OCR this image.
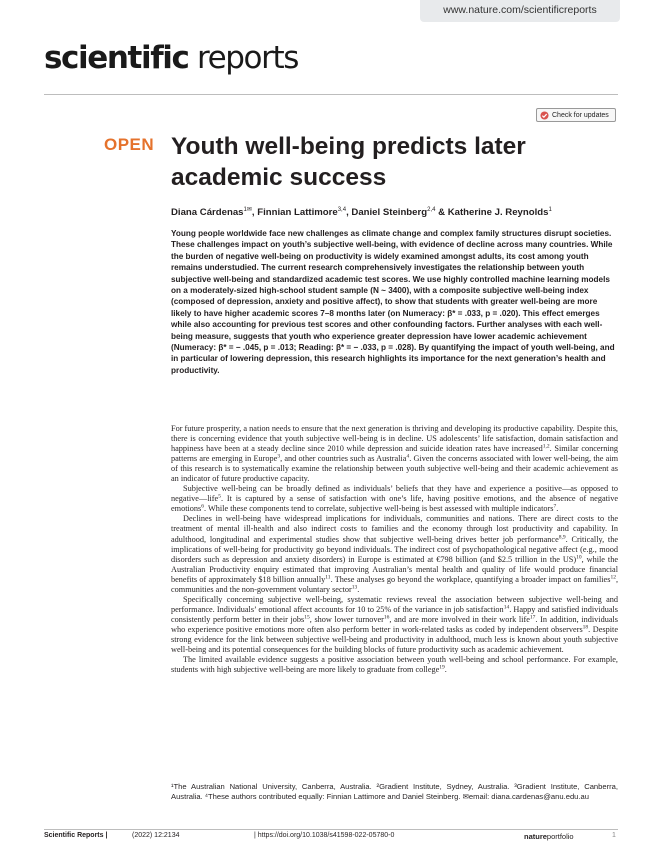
www.nature.com/scientificreports
scientific reports
Check for updates
OPEN Youth well-being predicts later academic success
Diana Cárdenas$^{1✉}$, Finnian Lattimore$^{3,4}$, Daniel Steinberg$^{2,4}$ & Katherine J. Reynolds$^1$

Young people worldwide face new challenges as climate change and complex family structures disrupt societies. These challenges impact on youth’s subjective well-being, with evidence of decline across many countries. While the burden of negative well-being on productivity is widely examined amongst adults, its cost among youth remains understudied. The current research comprehensively investigates the relationship between youth subjective well-being and standardized academic test scores. We use highly controlled machine learning models on a moderately-sized high-school student sample (N ~ 3400), with a composite subjective well-being index (composed of depression, anxiety and positive affect), to show that students with greater well-being are more likely to have higher academic scores 7–8 months later (on Numeracy: β* = .033, p = .020). This effect emerges while also accounting for previous test scores and other confounding factors. Further analyses with each well-being measure, suggests that youth who experience greater depression have lower academic achievement (Numeracy: β* = − .045, p = .013; Reading: β* = − .033, p = .028). By quantifying the impact of youth well-being, and in particular of lowering depression, this research highlights its importance for the next generation’s health and productivity.

For future prosperity, a nation needs to ensure that the next generation is thriving and developing its productive capability. Despite this, there is concerning evidence that youth subjective well-being is in decline. US adolescents’ life satisfaction, domain satisfaction and happiness have been at a steady decline since 2010 while depression and suicide ideation rates have increased$^{1,2}$. Similar concerning patterns are emerging in Europe$^3$, and other countries such as Australia$^4$. Given the concerns associated with lower well-being, the aim of this research is to systematically examine the relationship between youth subjective well-being and their academic achievement as an indicator of future productive capacity.

Subjective well-being can be broadly defined as individuals’ beliefs that they have and experience a positive—as opposed to negative—life$^5$. It is captured by a sense of satisfaction with one’s life, having positive emotions, and the absence of negative emotions$^6$. While these components tend to correlate, subjective well-being is best assessed with multiple indicators$^7$.

Declines in well-being have widespread implications for individuals, communities and nations. There are direct costs to the treatment of mental ill-health and also indirect costs to families and the economy through lost productivity and capability. In adulthood, longitudinal and experimental studies show that subjective well-being drives better job performance$^{8,9}$. Critically, the implications of well-being for productivity go beyond individuals. The indirect cost of psychopathological negative affect (e.g., mood disorders such as depression and anxiety disorders) in Europe is estimated at €798 billion (and $2.5 trillion in the US)$^{10}$, while the Australian Productivity enquiry estimated that improving Australian’s mental health and quality of life would produce financial benefits of approximately $18 billion annually$^{11}$. These analyses go beyond the workplace, quantifying a broader impact on families$^{12}$, communities and the non-government voluntary sector$^{13}$.

Specifically concerning subjective well-being, systematic reviews reveal the association between subjective well-being and performance. Individuals’ emotional affect accounts for 10 to 25% of the variance in job satisfaction$^{14}$. Happy and satisfied individuals consistently perform better in their jobs$^{15}$, show lower turnover$^{16}$, and are more involved in their work life$^{17}$. In addition, individuals who experience positive emotions more often also perform better in work-related tasks as coded by independent observers$^{18}$. Despite strong evidence for the link between subjective well-being and productivity in adulthood, much less is known about youth subjective well-being and its potential consequences for the building blocks of future productivity such as academic achievement.

The limited available evidence suggests a positive association between youth well-being and school performance. For example, students with high subjective well-being are more likely to graduate from college$^{19}$.

¹The Australian National University, Canberra, Australia. ²Gradient Institute, Sydney, Australia. ³Gradient Institute, Canberra, Australia. ⁴These authors contributed equally: Finnian Lattimore and Daniel Steinberg. ✉email: diana.cardenas@anu.edu.au

Scientific Reports |	(2022) 12:2134	| https://doi.org/10.1038/s41598-022-05780-0	natureportfolio	1
